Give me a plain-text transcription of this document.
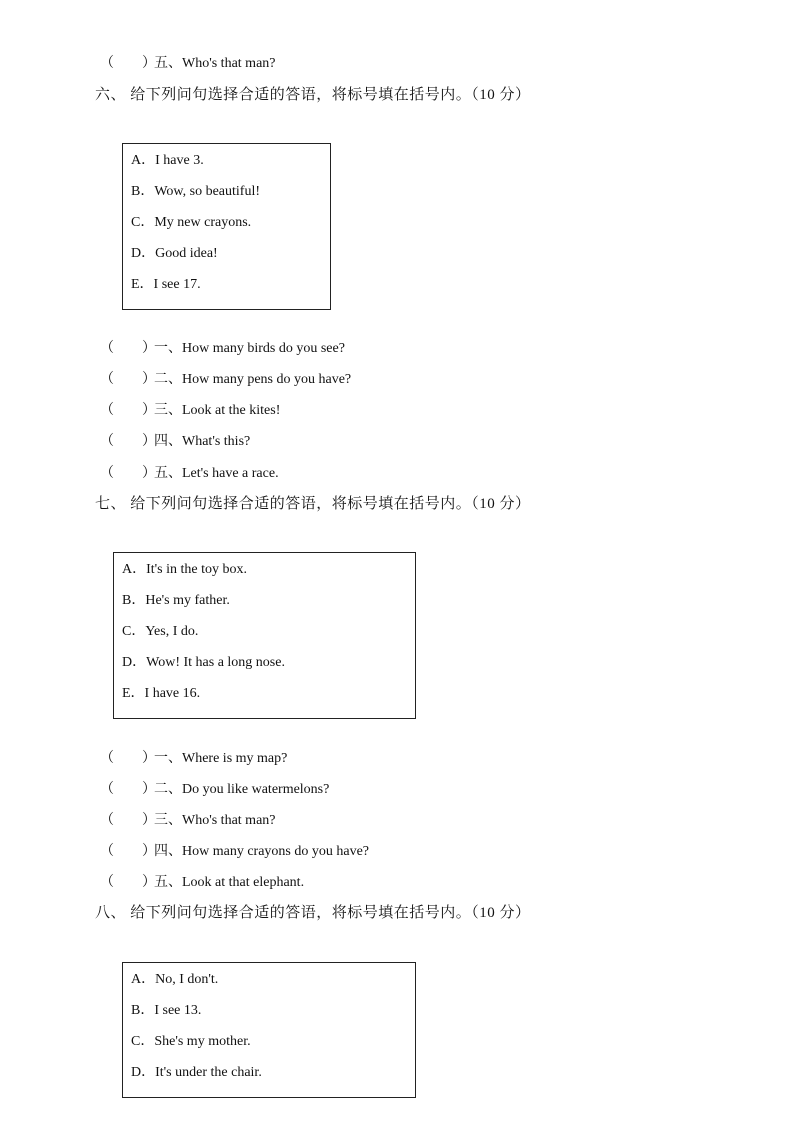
（　　）五、Who's that man?
六、 给下列问句选择合适的答语，将标号填在括号内。（10 分）
A．I have 3.
B．Wow, so beautiful!
C．My new crayons.
D．Good idea!
E．I see 17.
（　　）一、How many birds do you see?
（　　）二、How many pens do you have?
（　　）三、Look at the kites!
（　　）四、What's this?
（　　）五、Let's have a race.
七、 给下列问句选择合适的答语，将标号填在括号内。（10 分）
A．It's in the toy box.
B．He's my father.
C．Yes, I do.
D．Wow! It has a long nose.
E．I have 16.
（　　）一、Where is my map?
（　　）二、Do you like watermelons?
（　　）三、Who's that man?
（　　）四、How many crayons do you have?
（　　）五、Look at that elephant.
八、 给下列问句选择合适的答语，将标号填在括号内。（10 分）
A．No, I don't.
B．I see 13.
C．She's my mother.
D．It's under the chair.
